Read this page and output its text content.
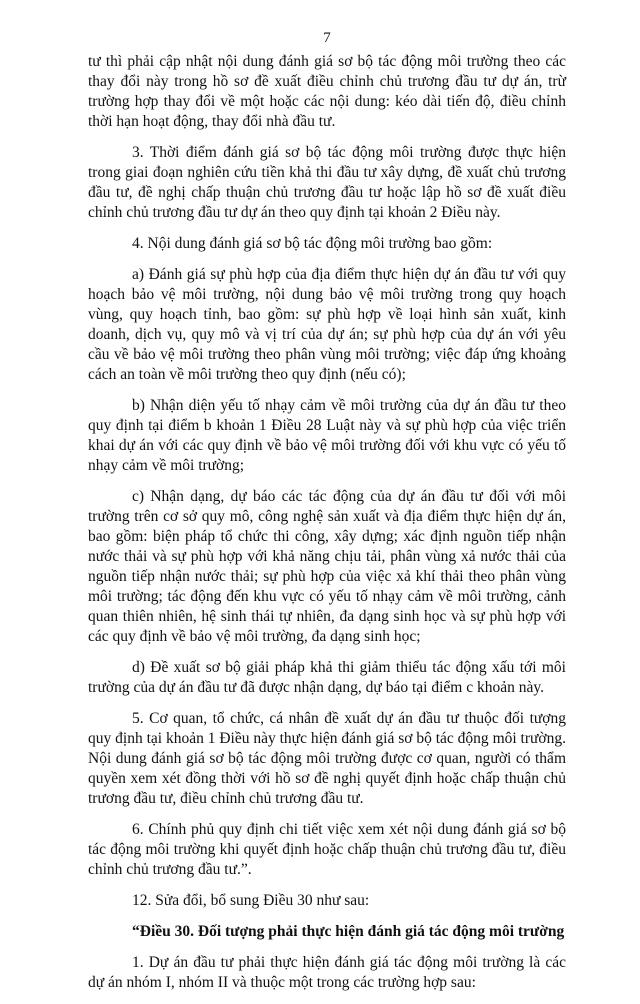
7

tư thì phải cập nhật nội dung đánh giá sơ bộ tác động môi trường theo các thay đổi này trong hồ sơ đề xuất điều chỉnh chủ trương đầu tư dự án, trừ trường hợp thay đổi về một hoặc các nội dung: kéo dài tiến độ, điều chỉnh thời hạn hoạt động, thay đổi nhà đầu tư.

3. Thời điểm đánh giá sơ bộ tác động môi trường được thực hiện trong giai đoạn nghiên cứu tiền khả thi đầu tư xây dựng, đề xuất chủ trương đầu tư, đề nghị chấp thuận chủ trương đầu tư hoặc lập hồ sơ đề xuất điều chỉnh chủ trương đầu tư dự án theo quy định tại khoản 2 Điều này.

4. Nội dung đánh giá sơ bộ tác động môi trường bao gồm:

a) Đánh giá sự phù hợp của địa điểm thực hiện dự án đầu tư với quy hoạch bảo vệ môi trường, nội dung bảo vệ môi trường trong quy hoạch vùng, quy hoạch tỉnh, bao gồm: sự phù hợp về loại hình sản xuất, kinh doanh, dịch vụ, quy mô và vị trí của dự án; sự phù hợp của dự án với yêu cầu về bảo vệ môi trường theo phân vùng môi trường; việc đáp ứng khoảng cách an toàn về môi trường theo quy định (nếu có);

b) Nhận diện yếu tố nhạy cảm về môi trường của dự án đầu tư theo quy định tại điểm b khoản 1 Điều 28 Luật này và sự phù hợp của việc triển khai dự án với các quy định về bảo vệ môi trường đối với khu vực có yếu tố nhạy cảm về môi trường;

c) Nhận dạng, dự báo các tác động của dự án đầu tư đối với môi trường trên cơ sở quy mô, công nghệ sản xuất và địa điểm thực hiện dự án, bao gồm: biện pháp tổ chức thi công, xây dựng; xác định nguồn tiếp nhận nước thải và sự phù hợp với khả năng chịu tải, phân vùng xả nước thải của nguồn tiếp nhận nước thải; sự phù hợp của việc xả khí thải theo phân vùng môi trường; tác động đến khu vực có yếu tố nhạy cảm về môi trường, cảnh quan thiên nhiên, hệ sinh thái tự nhiên, đa dạng sinh học và sự phù hợp với các quy định về bảo vệ môi trường, đa dạng sinh học;

d) Đề xuất sơ bộ giải pháp khả thi giảm thiểu tác động xấu tới môi trường của dự án đầu tư đã được nhận dạng, dự báo tại điểm c khoản này.

5. Cơ quan, tổ chức, cá nhân đề xuất dự án đầu tư thuộc đối tượng quy định tại khoản 1 Điều này thực hiện đánh giá sơ bộ tác động môi trường. Nội dung đánh giá sơ bộ tác động môi trường được cơ quan, người có thẩm quyền xem xét đồng thời với hồ sơ đề nghị quyết định hoặc chấp thuận chủ trương đầu tư, điều chỉnh chủ trương đầu tư.

6. Chính phủ quy định chi tiết việc xem xét nội dung đánh giá sơ bộ tác động môi trường khi quyết định hoặc chấp thuận chủ trương đầu tư, điều chỉnh chủ trương đầu tư.”.

12. Sửa đổi, bổ sung Điều 30 như sau:

“Điều 30. Đối tượng phải thực hiện đánh giá tác động môi trường

1. Dự án đầu tư phải thực hiện đánh giá tác động môi trường là các dự án nhóm I, nhóm II và thuộc một trong các trường hợp sau:
